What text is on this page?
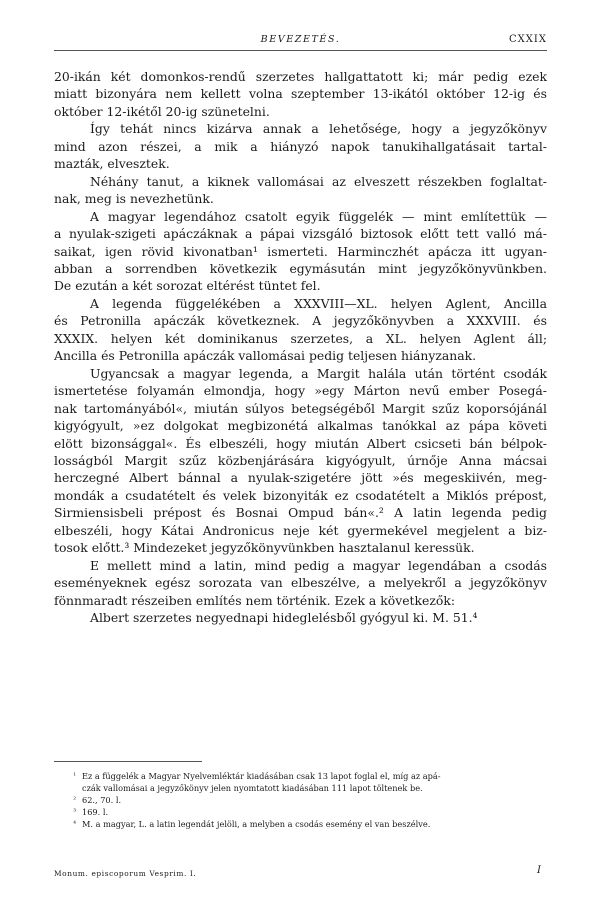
BEVEZETÉS.	CXXIX

20-ikán két domonkos-rendű szerzetes hallgattatott ki; már pedig ezek
miatt bizonyára nem kellett volna szeptember 13-ikától október 12-ig és
október 12-ikétől 20-ig szünetelni.

Így tehát nincs kizárva annak a lehetősége, hogy a jegyzőkönyv
mind azon részei, a mik a hiányzó napok tanukihallgatásait tartal-
mazták, elvesztek.

Néhány tanut, a kiknek vallomásai az elveszett részekben foglaltat-
nak, meg is nevezhetünk.

A magyar legendához csatolt egyik függelék — mint említettük —
a nyulak-szigeti apáczáknak a pápai vizsgáló biztosok előtt tett valló má-
saikat, igen rövid kivonatban¹ ismerteti. Harminczhét apácza itt ugyan-
abban a sorrendben következik egymásután mint jegyzőkönyvünkben.
De ezután a két sorozat eltérést tüntet fel.

A legenda függelékében a XXXVIII—XL. helyen Aglent, Ancilla
és Petronilla apáczák következnek. A jegyzőkönyvben a XXXVIII. és
XXXIX. helyen két dominikanus szerzetes, a XL. helyen Aglent áll;
Ancilla és Petronilla apáczák vallomásai pedig teljesen hiányzanak.

Ugyancsak a magyar legenda, a Margit halála után történt csodák
ismertetése folyamán elmondja, hogy »egy Márton nevű ember Posegá-
nak tartományából«, miután súlyos betegségéből Margit szűz koporsójánál
kigyógyult, »ez dolgokat megbizonétá alkalmas tanókkal az pápa követi
elött bizonsággal«. És elbeszéli, hogy miután Albert csicseti bán bélpok-
losságból Margit szűz közbenjárására kigyógyult, úrnője Anna mácsai
herczegné Albert bánnal a nyulak-szigetére jött »és megeskiivén, meg-
mondák a csudatételt és velek bizonyiták ez csodatételt a Miklós prépost,
Sirmiensisbeli prépost és Bosnai Ompud bán«.² A latin legenda pedig
elbeszéli, hogy Kátai Andronicus neje két gyermekével megjelent a biz-
tosok előtt.³ Mindezeket jegyzőkönyvünkben hasztalanul keressük.

E mellett mind a latin, mind pedig a magyar legendában a csodás
eseményeknek egész sorozata van elbeszélve, a melyekről a jegyzőkönyv
fönnmaradt részeiben említés nem történik. Ezek a következők:

Albert szerzetes negyednapi hideglelésből gyógyul ki. M. 51.⁴

¹ Ez a függelék a Magyar Nyelvemléktár kiadásában csak 13 lapot foglal el, míg az apá-
czák vallomásai a jegyzőkönyv jelen nyomtatott kiadásában 111 lapot töltenek be.
² 62., 70. l.
³ 169. l.
⁴ M. a magyar, L. a latin legendát jelöli, a melyben a csodás esemény el van beszélve.
Monum. episcoporum Vesprim. I.	I
